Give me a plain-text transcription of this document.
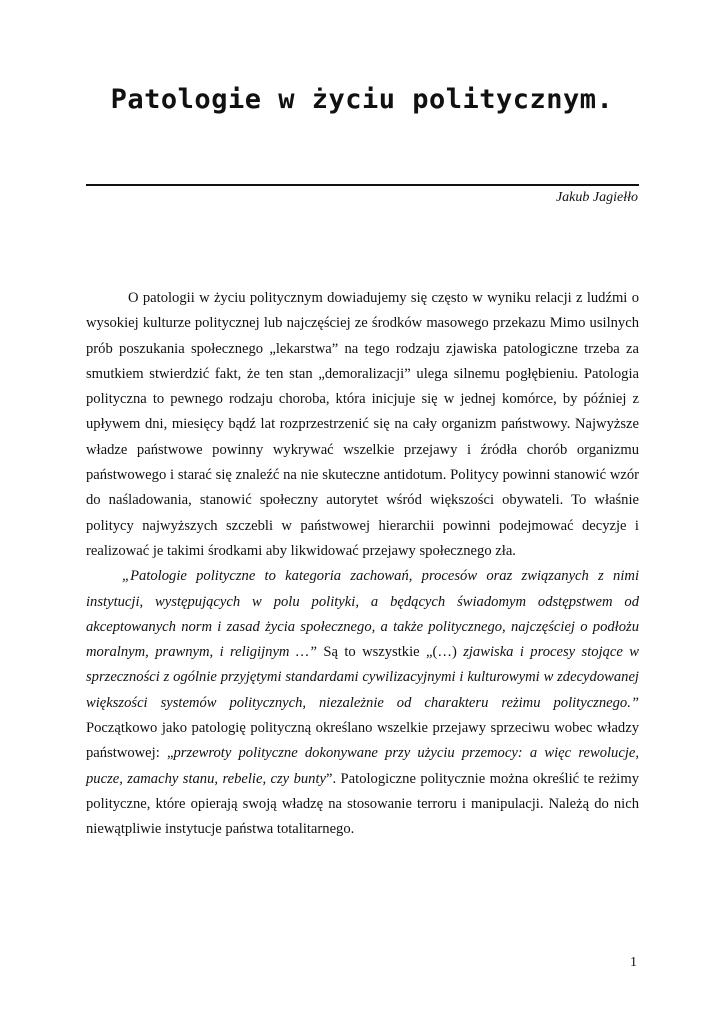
Patologie w życiu politycznym.
Jakub Jagiełło

O patologii w życiu politycznym dowiadujemy się często w wyniku relacji z ludźmi o wysokiej kulturze politycznej lub najczęściej ze środków masowego przekazu Mimo usilnych prób poszukania społecznego „lekarstwa” na tego rodzaju zjawiska patologiczne trzeba za smutkiem stwierdzić fakt, że ten stan „demoralizacji” ulega silnemu pogłębieniu. Patologia polityczna to pewnego rodzaju choroba, która inicjuje się w jednej komórce, by później z upływem dni, miesięcy bądź lat rozprzestrzenić się na cały organizm państwowy. Najwyższe władze państwowe powinny wykrywać wszelkie przejawy i źródła chorób organizmu państwowego i starać się znaleźć na nie skuteczne antidotum. Politycy powinni stanowić wzór do naśladowania, stanowić społeczny autorytet wśród większości obywateli. To właśnie politycy najwyższych szczebli w państwowej hierarchii powinni podejmować decyzje i realizować je takimi środkami aby likwidować przejawy społecznego zła.

„Patologie polityczne to kategoria zachowań, procesów oraz związanych z nimi instytucji, występujących w polu polityki, a będących świadomym odstępstwem od akceptowanych norm i zasad życia społecznego, a także politycznego, najczęściej o podłożu moralnym, prawnym, i religijnym …” Są to wszystkie „(…) zjawiska i procesy stojące w sprzeczności z ogólnie przyjętymi standardami cywilizacyjnymi i kulturowymi w zdecydowanej większości systemów politycznych, niezależnie od charakteru reżimu politycznego.” Początkowo jako patologię polityczną określano wszelkie przejawy sprzeciwu wobec władzy państwowej: „przewroty polityczne dokonywane przy użyciu przemocy: a więc rewolucje, pucze, zamachy stanu, rebelie, czy bunty”. Patologiczne politycznie można określić te reżimy polityczne, które opierają swoją władzę na stosowanie terroru i manipulacji. Należą do nich niewątpliwie instytucje państwa totalitarnego.

1
